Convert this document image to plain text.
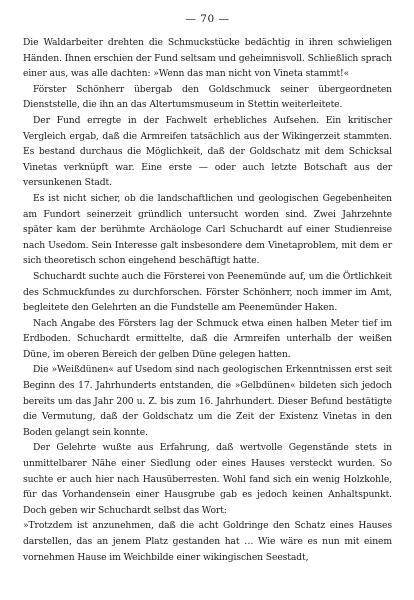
— 70 —

Die Waldarbeiter drehten die Schmuckstücke bedächtig in ihren schwieligen Händen. Ihnen erschien der Fund seltsam und geheimnisvoll. Schließlich sprach einer aus, was alle dachten: »Wenn das man nicht von Vineta stammt!«

Förster Schönherr übergab den Goldschmuck seiner übergeordneten Dienststelle, die ihn an das Altertumsmuseum in Stettin weiterleitete.

Der Fund erregte in der Fachwelt erhebliches Aufsehen. Ein kritischer Vergleich ergab, daß die Armreifen tatsächlich aus der Wikingerzeit stammten. Es bestand durchaus die Möglichkeit, daß der Goldschatz mit dem Schicksal Vinetas verknüpft war. Eine erste — oder auch letzte Botschaft aus der versunkenen Stadt.

Es ist nicht sicher, ob die landschaftlichen und geologischen Gegebenheiten am Fundort seinerzeit gründlich untersucht worden sind. Zwei Jahrzehnte später kam der berühmte Archäologe Carl Schuchardt auf einer Studienreise nach Usedom. Sein Interesse galt insbesondere dem Vinetaproblem, mit dem er sich theoretisch schon eingehend beschäftigt hatte.

Schuchardt suchte auch die Försterei von Peenemünde auf, um die Örtlichkeit des Schmuckfundes zu durchforschen. Förster Schönherr, noch immer im Amt, begleitete den Gelehrten an die Fundstelle am Peenemünder Haken.

Nach Angabe des Försters lag der Schmuck etwa einen halben Meter tief im Erdboden. Schuchardt ermittelte, daß die Armreifen unterhalb der weißen Düne, im oberen Bereich der gelben Düne gelegen hatten.

Die »Weißdünen« auf Usedom sind nach geologischen Erkenntnissen erst seit Beginn des 17. Jahrhunderts entstanden, die »Gelbdünen« bildeten sich jedoch bereits um das Jahr 200 u. Z. bis zum 16. Jahrhundert. Dieser Befund bestätigte die Vermutung, daß der Goldschatz um die Zeit der Existenz Vinetas in den Boden gelangt sein konnte.

Der Gelehrte wußte aus Erfahrung, daß wertvolle Gegenstände stets in unmittelbarer Nähe einer Siedlung oder eines Hauses versteckt wurden. So suchte er auch hier nach Hausüberresten. Wohl fand sich ein wenig Holzkohle, für das Vorhandensein einer Hausgrube gab es jedoch keinen Anhaltspunkt. Doch geben wir Schuchardt selbst das Wort:

»Trotzdem ist anzunehmen, daß die acht Goldringe den Schatz eines Hauses darstellen, das an jenem Platz gestanden hat … Wie wäre es nun mit einem vornehmen Hause im Weichbilde einer wikingischen Seestadt,
